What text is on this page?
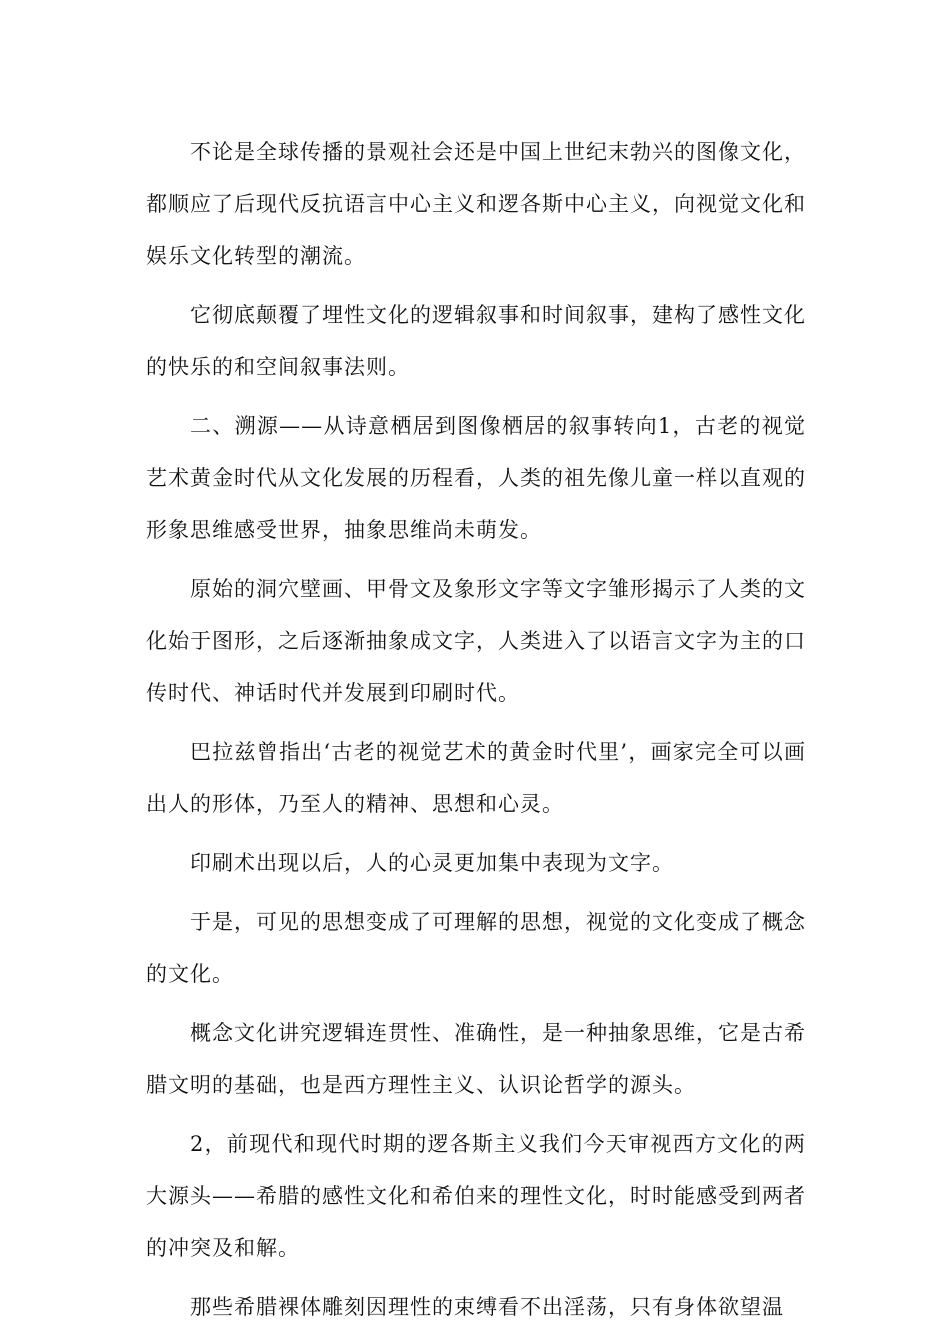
不论是全球传播的景观社会还是中国上世纪末勃兴的图像文化，都顺应了后现代反抗语言中心主义和逻各斯中心主义，向视觉文化和娱乐文化转型的潮流。

它彻底颠覆了埋性文化的逻辑叙事和时间叙事，建构了感性文化的快乐的和空间叙事法则。

二、溯源——从诗意栖居到图像栖居的叙事转向1，古老的视觉艺术黄金时代从文化发展的历程看，人类的祖先像儿童一样以直观的形象思维感受世界，抽象思维尚未萌发。

原始的洞穴壁画、甲骨文及象形文字等文字雏形揭示了人类的文化始于图形，之后逐渐抽象成文字，人类进入了以语言文字为主的口传时代、神话时代并发展到印刷时代。

巴拉兹曾指出‘古老的视觉艺术的黄金时代里’，画家完全可以画出人的形体，乃至人的精神、思想和心灵。

印刷术出现以后，人的心灵更加集中表现为文字。

于是，可见的思想变成了可理解的思想，视觉的文化变成了概念的文化。

概念文化讲究逻辑连贯性、准确性，是一种抽象思维，它是古希腊文明的基础，也是西方理性主义、认识论哲学的源头。

2，前现代和现代时期的逻各斯主义我们今天审视西方文化的两大源头——希腊的感性文化和希伯来的理性文化，时时能感受到两者的冲突及和解。

那些希腊裸体雕刻因理性的束缚看不出淫荡，只有身体欲望温
